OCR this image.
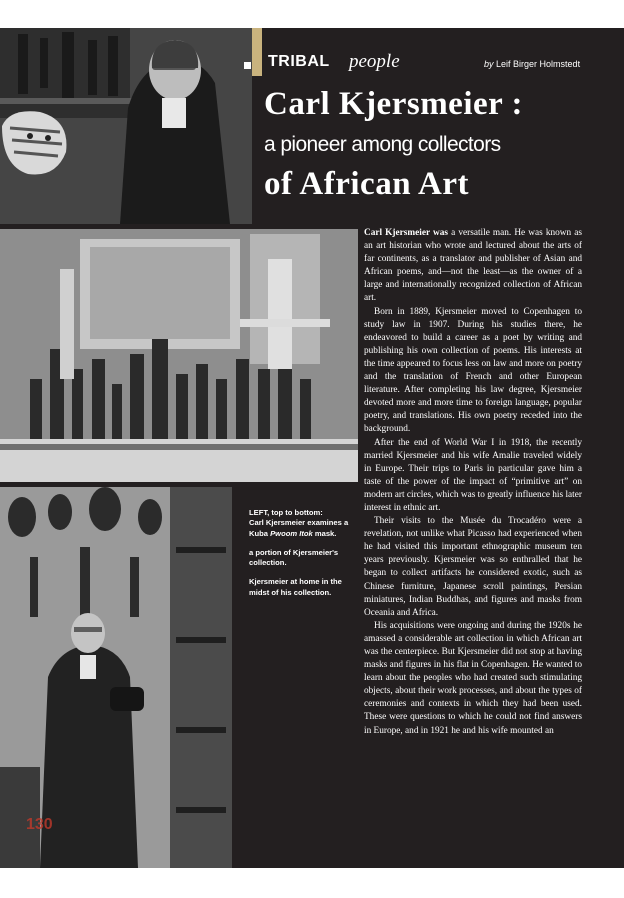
TRIBAL people	by Leif Birger Holmstedt
Carl Kjersmeier :
a pioneer among collectors
of African Art

LEFT, top to bottom:
Carl Kjersmeier examines a Kuba Pwoom Itok mask.

a portion of Kjersmeier's collection.

Kjersmeier at home in the midst of his collection.

Carl Kjersmeier was a versatile man. He was known as an art historian who wrote and lectured about the arts of far continents, as a translator and publisher of Asian and African poems, and—not the least—as the owner of a large and internationally recognized collection of African art.

Born in 1889, Kjersmeier moved to Copenhagen to study law in 1907. During his studies there, he endeavored to build a career as a poet by writing and publishing his own collection of poems. His interests at the time appeared to focus less on law and more on poetry and the translation of French and other European literature. After completing his law degree, Kjersmeier devoted more and more time to foreign language, popular poetry, and translations. His own poetry receded into the background.

After the end of World War I in 1918, the recently married Kjersmeier and his wife Amalie traveled widely in Europe. Their trips to Paris in particular gave him a taste of the power of the impact of “primitive art” on modern art circles, which was to greatly influence his later interest in ethnic art.

Their visits to the Musée du Trocadéro were a revelation, not unlike what Picasso had experienced when he had visited this important ethnographic museum ten years previously. Kjersmeier was so enthralled that he began to collect artifacts he considered exotic, such as Chinese furniture, Japanese scroll paintings, Persian miniatures, Indian Buddhas, and figures and masks from Oceania and Africa.

His acquisitions were ongoing and during the 1920s he amassed a considerable art collection in which African art was the centerpiece. But Kjersmeier did not stop at having masks and figures in his flat in Copenhagen. He wanted to learn about the peoples who had created such stimulating objects, about their work processes, and about the types of ceremonies and contexts in which they had been used. These were questions to which he could not find answers in Europe, and in 1921 he and his wife mounted an

130
